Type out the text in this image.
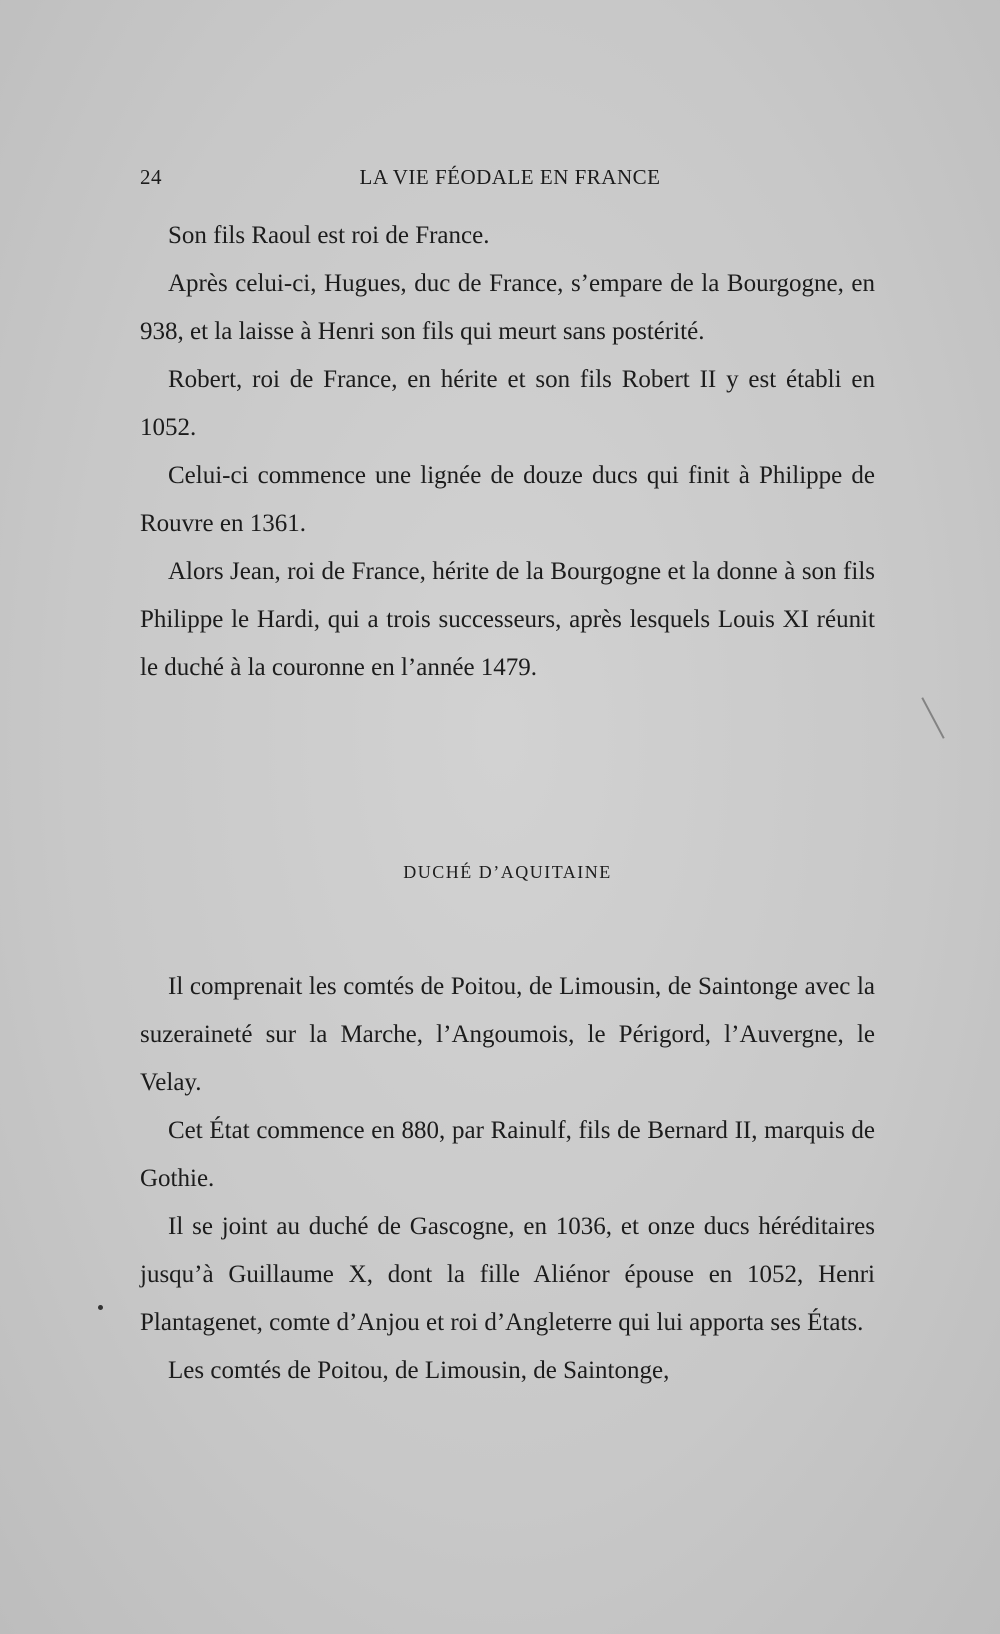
24	LA VIE FÉODALE EN FRANCE

Son fils Raoul est roi de France.

Après celui-ci, Hugues, duc de France, s’empare de la Bourgogne, en 938, et la laisse à Henri son fils qui meurt sans postérité.

Robert, roi de France, en hérite et son fils Robert II y est établi en 1052.

Celui-ci commence une lignée de douze ducs qui finit à Philippe de Rouvre en 1361.

Alors Jean, roi de France, hérite de la Bourgogne et la donne à son fils Philippe le Hardi, qui a trois successeurs, après lesquels Louis XI réunit le duché à la couronne en l’année 1479.

DUCHÉ D’AQUITAINE

Il comprenait les comtés de Poitou, de Limousin, de Saintonge avec la suzeraineté sur la Marche, l’Angoumois, le Périgord, l’Auvergne, le Velay.

Cet État commence en 880, par Rainulf, fils de Bernard II, marquis de Gothie.

Il se joint au duché de Gascogne, en 1036, et onze ducs héréditaires jusqu’à Guillaume X, dont la fille Aliénor épouse en 1052, Henri Plantagenet, comte d’Anjou et roi d’Angleterre qui lui apporta ses États.

Les comtés de Poitou, de Limousin, de Saintonge,
